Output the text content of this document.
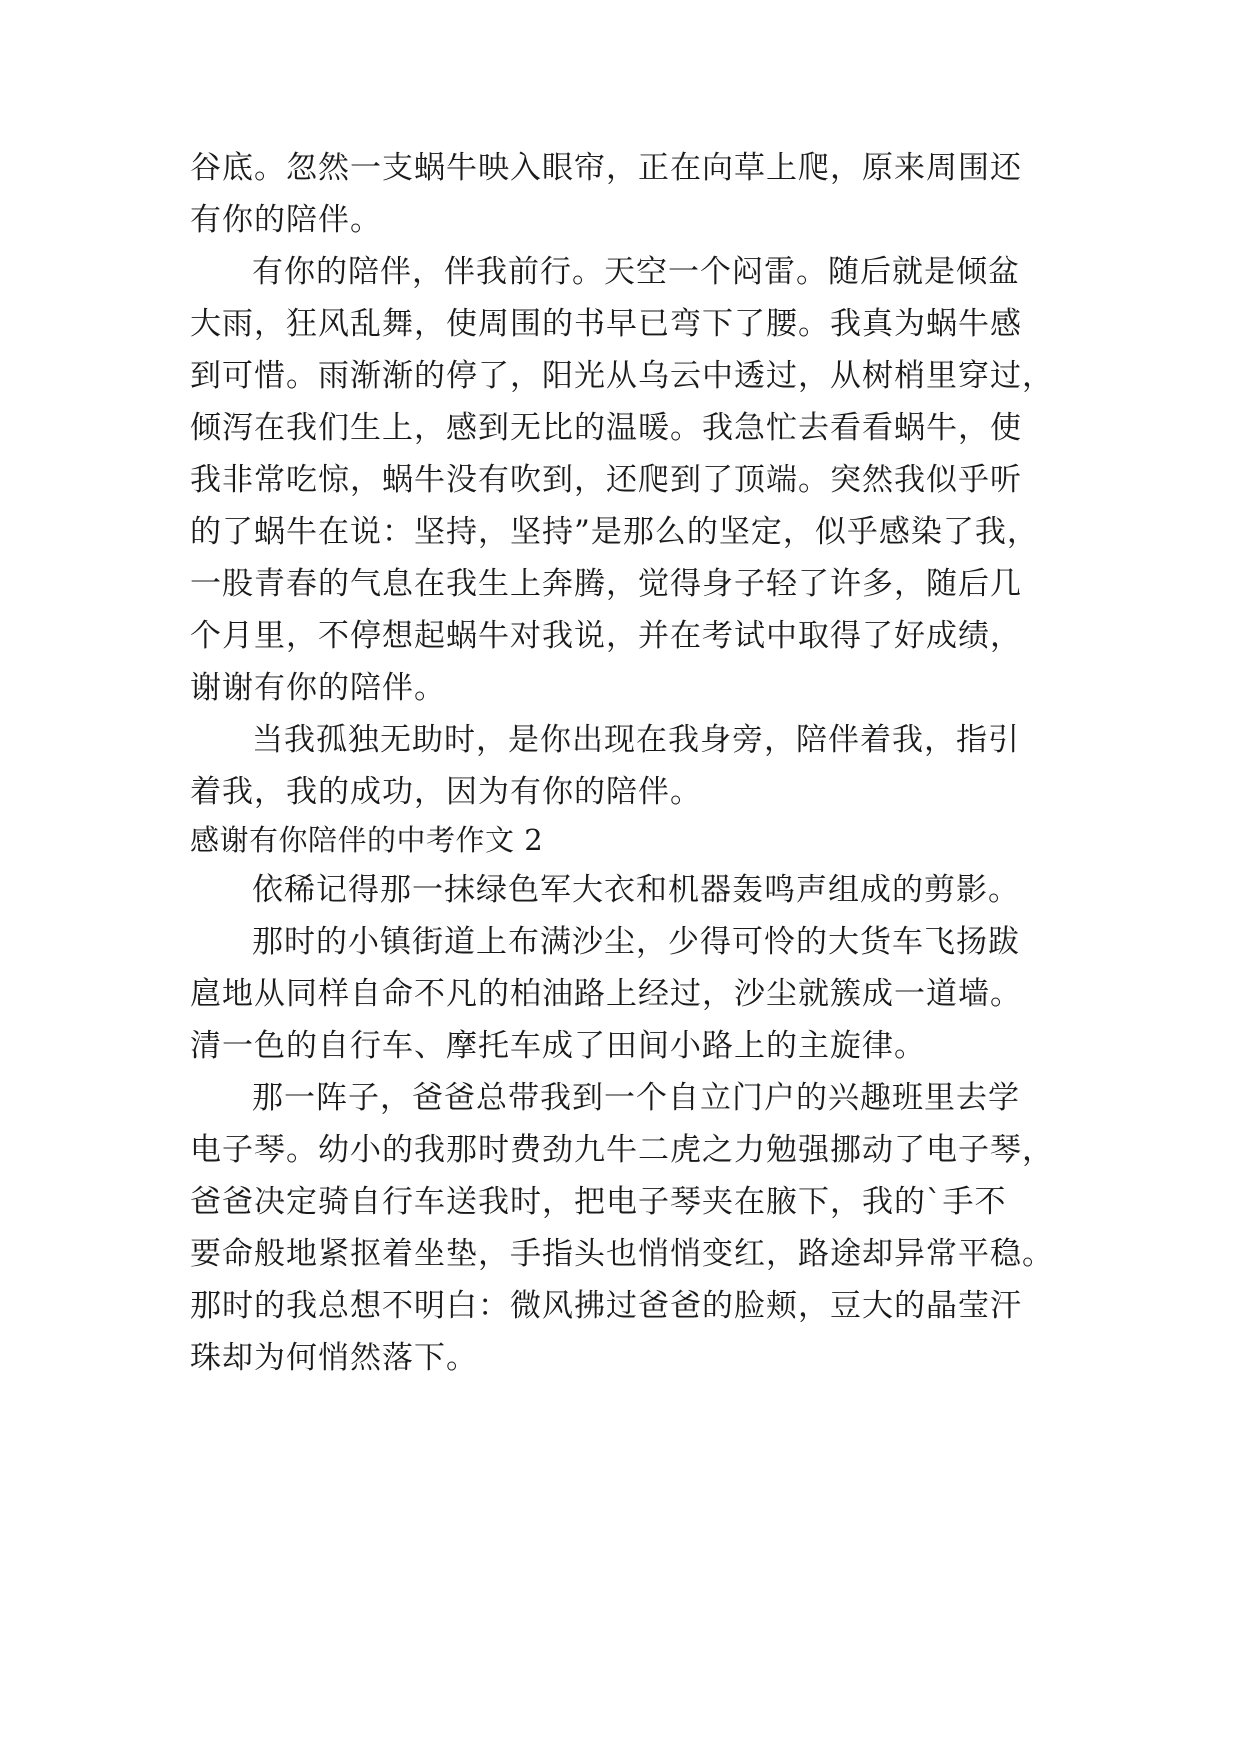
谷底。忽然一支蜗牛映入眼帘，正在向草上爬，原来周围还
有你的陪伴。
有你的陪伴，伴我前行。天空一个闷雷。随后就是倾盆
大雨，狂风乱舞，使周围的书早已弯下了腰。我真为蜗牛感
到可惜。雨渐渐的停了，阳光从乌云中透过，从树梢里穿过，
倾泻在我们生上，感到无比的温暖。我急忙去看看蜗牛，使
我非常吃惊，蜗牛没有吹到，还爬到了顶端。突然我似乎听
的了蜗牛在说：坚持，坚持”是那么的坚定，似乎感染了我，
一股青春的气息在我生上奔腾，觉得身子轻了许多，随后几
个月里，不停想起蜗牛对我说，并在考试中取得了好成绩，
谢谢有你的陪伴。
当我孤独无助时，是你出现在我身旁，陪伴着我，指引
着我，我的成功，因为有你的陪伴。
感谢有你陪伴的中考作文 2
依稀记得那一抹绿色军大衣和机器轰鸣声组成的剪影。
那时的小镇街道上布满沙尘，少得可怜的大货车飞扬跋
扈地从同样自命不凡的柏油路上经过，沙尘就簇成一道墙。
清一色的自行车、摩托车成了田间小路上的主旋律。
那一阵子，爸爸总带我到一个自立门户的兴趣班里去学
电子琴。幼小的我那时费劲九牛二虎之力勉强挪动了电子琴，
爸爸决定骑自行车送我时，把电子琴夹在腋下，我的`手不
要命般地紧抠着坐垫，手指头也悄悄变红，路途却异常平稳。
那时的我总想不明白：微风拂过爸爸的脸颊，豆大的晶莹汗
珠却为何悄然落下。
